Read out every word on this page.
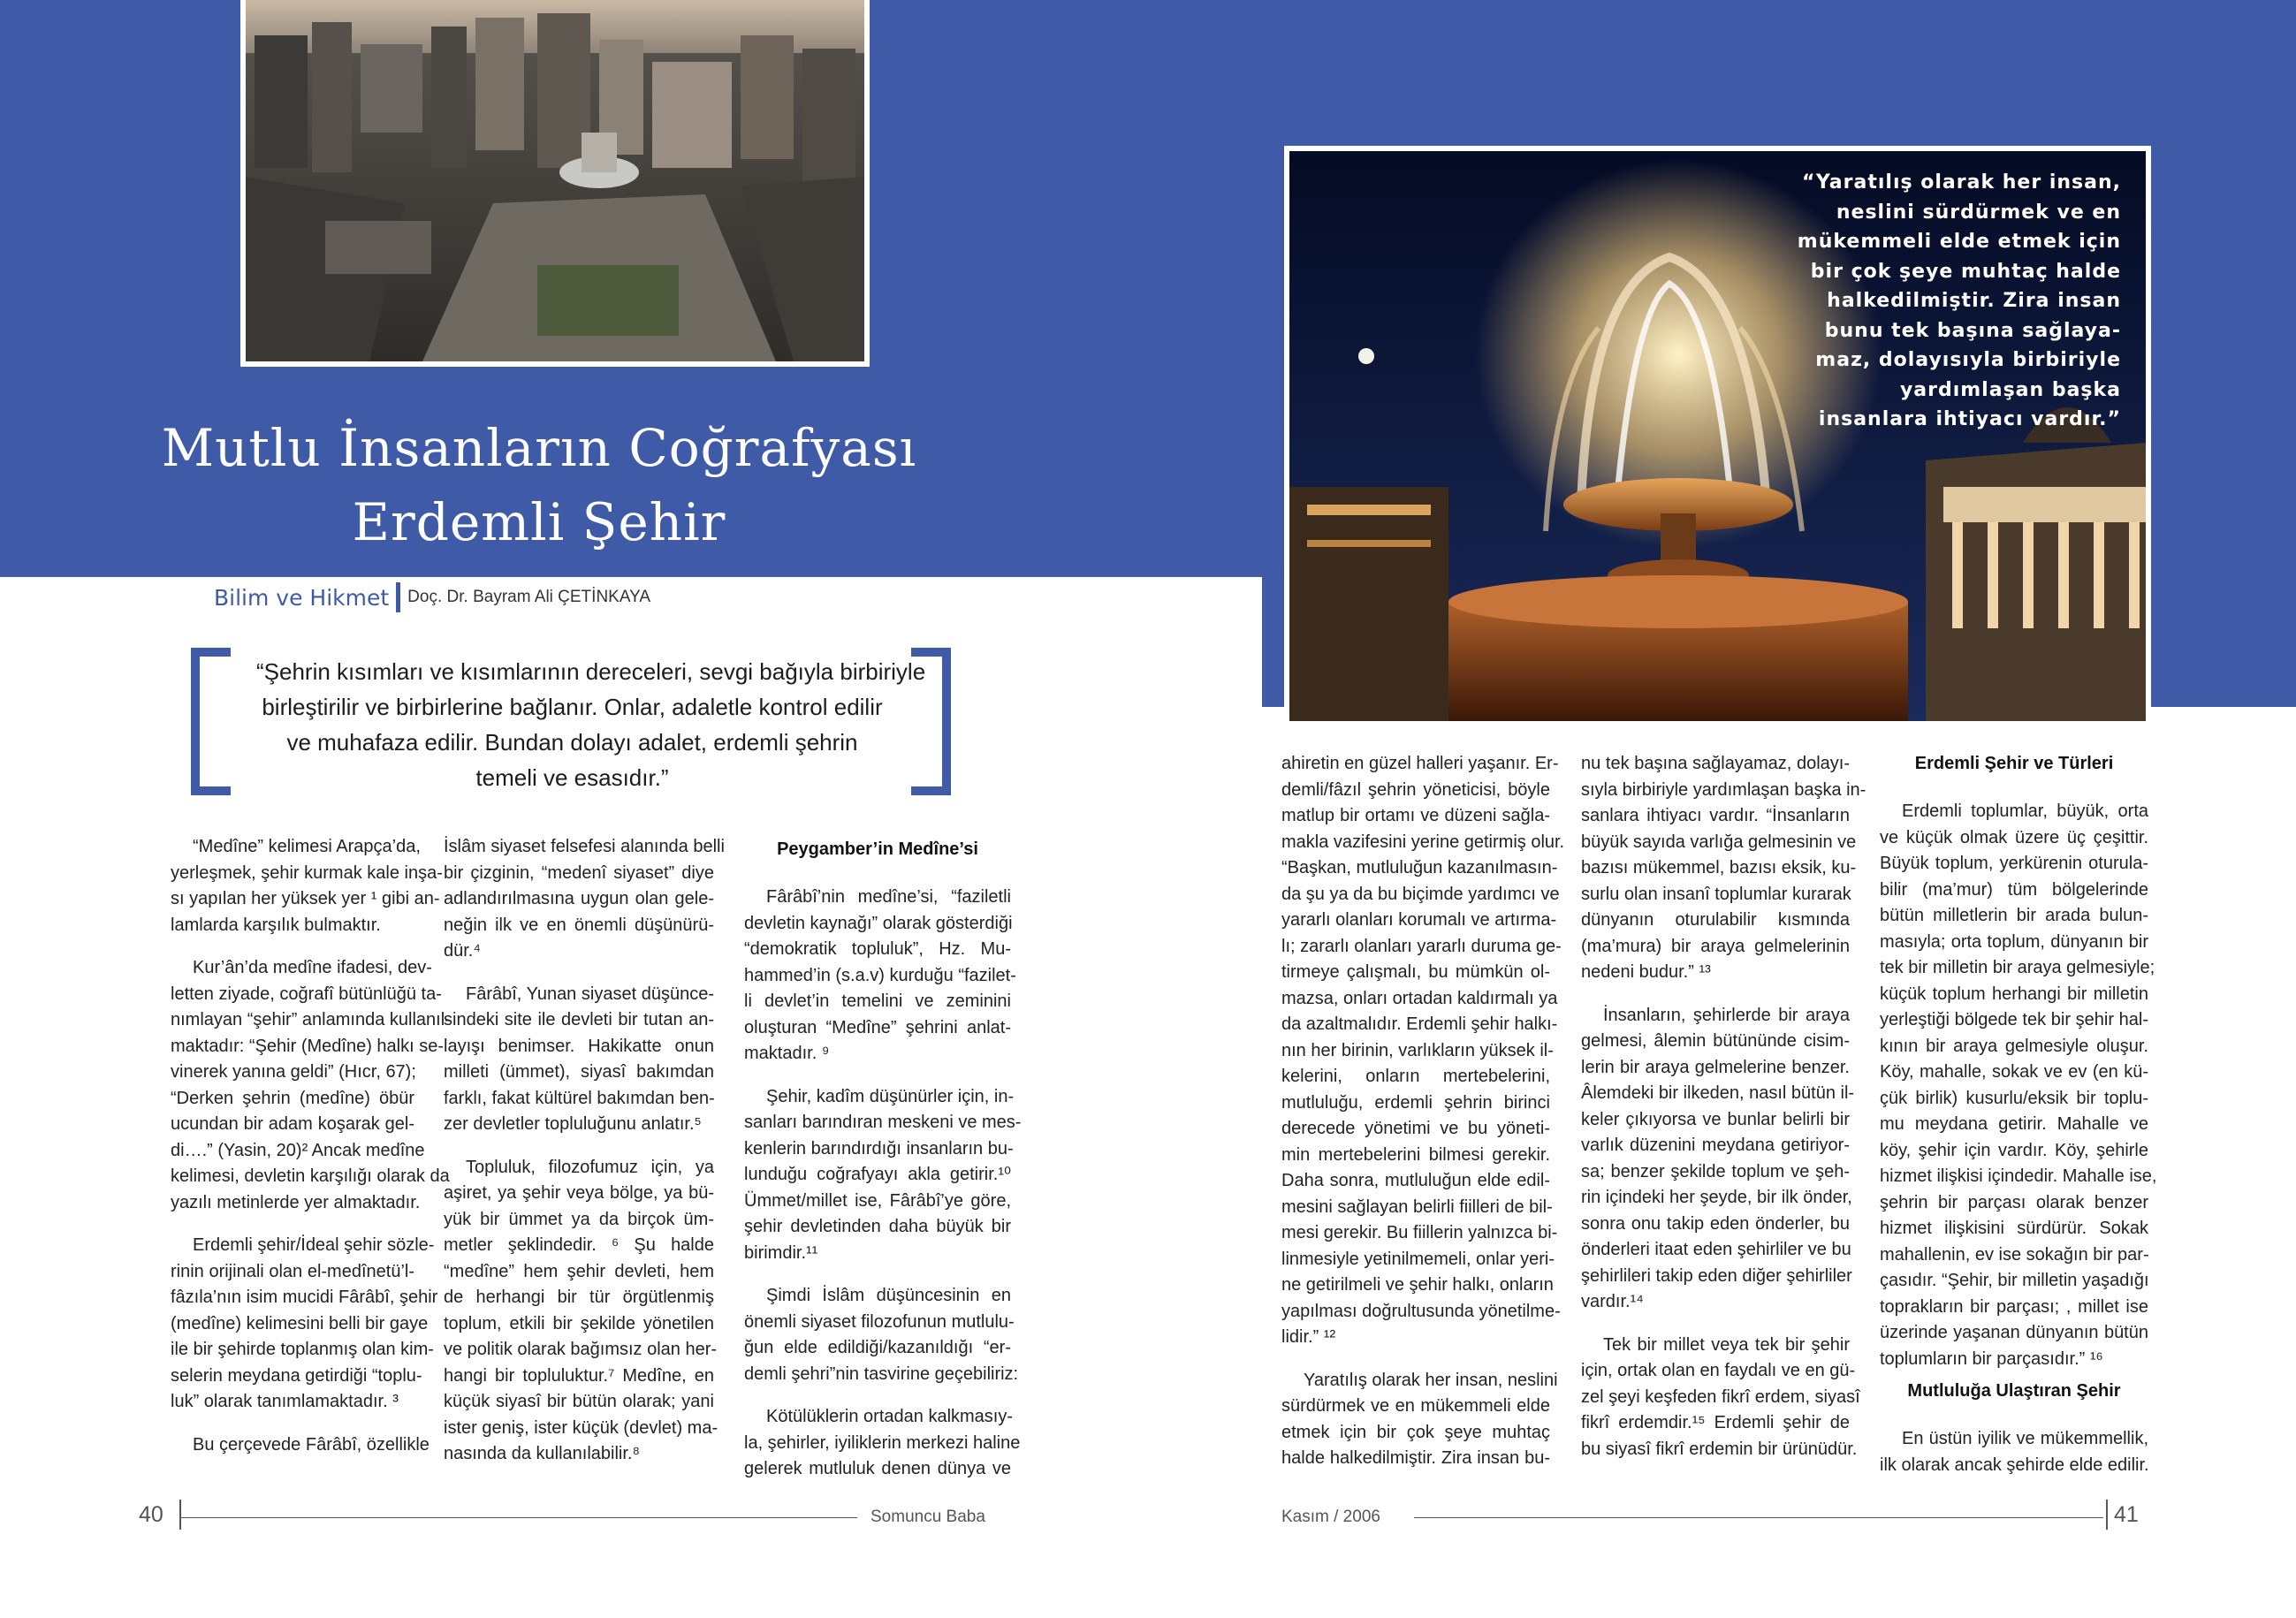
Mutlu İnsanların Coğrafyası
Erdemli Şehir
Bilim ve Hikmet Doç. Dr. Bayram Ali ÇETİNKAYA
“Şehrin kısımları ve kısımlarının dereceleri, sevgi bağıyla birbiriyle
birleştirilir ve birbirlerine bağlanır. Onlar, adaletle kontrol edilir
ve muhafaza edilir. Bundan dolayı adalet, erdemli şehrin
temeli ve esasıdır.”
“Yaratılış olarak her insan,
neslini sürdürmek ve en
mükemmeli elde etmek için
bir çok şeye muhtaç halde
halkedilmiştir. Zira insan
bunu tek başına sağlaya-
maz, dolayısıyla birbiriyle
yardımlaşan başka
insanlara ihtiyacı vardır.”
“Medîne” kelimesi Arapça’da,
yerleşmek, şehir kurmak kale inşa-
sı yapılan her yüksek yer ¹ gibi an-
lamlarda karşılık bulmaktır.
Kur’ân’da medîne ifadesi, dev-
letten ziyade, coğrafî bütünlüğü ta-
nımlayan “şehir” anlamında kullanıl-
maktadır: “Şehir (Medîne) halkı se-
vinerek yanına geldi” (Hıcr, 67);
“Derken şehrin (medîne) öbür
ucundan bir adam koşarak gel-
di….” (Yasin, 20)² Ancak medîne
kelimesi, devletin karşılığı olarak da
yazılı metinlerde yer almaktadır.
Erdemli şehir/İdeal şehir sözle-
rinin orijinali olan el-medînetü’l-
fâzıla’nın isim mucidi Fârâbî, şehir
(medîne) kelimesini belli bir gaye
ile bir şehirde toplanmış olan kim-
selerin meydana getirdiği “toplu-
luk” olarak tanımlamaktadır. ³
Bu çerçevede Fârâbî, özellikle
İslâm siyaset felsefesi alanında belli
bir çizginin, “medenî siyaset” diye
adlandırılmasına uygun olan gele-
neğin ilk ve en önemli düşünürü-
dür.⁴
Fârâbî, Yunan siyaset düşünce-
sindeki site ile devleti bir tutan an-
layışı benimser. Hakikatte onun
milleti (ümmet), siyasî bakımdan
farklı, fakat kültürel bakımdan ben-
zer devletler topluluğunu anlatır.⁵
Topluluk, filozofumuz için, ya
aşiret, ya şehir veya bölge, ya bü-
yük bir ümmet ya da birçok üm-
metler şeklindedir. ⁶ Şu halde
“medîne” hem şehir devleti, hem
de herhangi bir tür örgütlenmiş
toplum, etkili bir şekilde yönetilen
ve politik olarak bağımsız olan her-
hangi bir topluluktur.⁷ Medîne, en
küçük siyasî bir bütün olarak; yani
ister geniş, ister küçük (devlet) ma-
nasında da kullanılabilir.⁸
Peygamber’in Medîne’si
Fârâbî’nin medîne’si, “faziletli
devletin kaynağı” olarak gösterdiği
“demokratik topluluk”, Hz. Mu-
hammed’in (s.a.v) kurduğu “fazilet-
li devlet’in temelini ve zeminini
oluşturan “Medîne” şehrini anlat-
maktadır. ⁹
Şehir, kadîm düşünürler için, in-
sanları barındıran meskeni ve mes-
kenlerin barındırdığı insanların bu-
lunduğu coğrafyayı akla getirir.¹⁰
Ümmet/millet ise, Fârâbî’ye göre,
şehir devletinden daha büyük bir
birimdir.¹¹
Şimdi İslâm düşüncesinin en
önemli siyaset filozofunun mutlulu-
ğun elde edildiği/kazanıldığı “er-
demli şehri”nin tasvirine geçebiliriz:
Kötülüklerin ortadan kalkmasıy-
la, şehirler, iyiliklerin merkezi haline
gelerek mutluluk denen dünya ve
ahiretin en güzel halleri yaşanır. Er-
demli/fâzıl şehrin yöneticisi, böyle
matlup bir ortamı ve düzeni sağla-
makla vazifesini yerine getirmiş olur.
“Başkan, mutluluğun kazanılmasın-
da şu ya da bu biçimde yardımcı ve
yararlı olanları korumalı ve artırma-
lı; zararlı olanları yararlı duruma ge-
tirmeye çalışmalı, bu mümkün ol-
mazsa, onları ortadan kaldırmalı ya
da azaltmalıdır. Erdemli şehir halkı-
nın her birinin, varlıkların yüksek il-
kelerini, onların mertebelerini,
mutluluğu, erdemli şehrin birinci
derecede yönetimi ve bu yöneti-
min mertebelerini bilmesi gerekir.
Daha sonra, mutluluğun elde edil-
mesini sağlayan belirli fiilleri de bil-
mesi gerekir. Bu fiillerin yalnızca bi-
linmesiyle yetinilmemeli, onlar yeri-
ne getirilmeli ve şehir halkı, onların
yapılması doğrultusunda yönetilme-
lidir.” ¹²
Yaratılış olarak her insan, neslini
sürdürmek ve en mükemmeli elde
etmek için bir çok şeye muhtaç
halde halkedilmiştir. Zira insan bu-
nu tek başına sağlayamaz, dolayı-
sıyla birbiriyle yardımlaşan başka in-
sanlara ihtiyacı vardır. “İnsanların
büyük sayıda varlığa gelmesinin ve
bazısı mükemmel, bazısı eksik, ku-
surlu olan insanî toplumlar kurarak
dünyanın oturulabilir kısmında
(ma’mura) bir araya gelmelerinin
nedeni budur.” ¹³
İnsanların, şehirlerde bir araya
gelmesi, âlemin bütününde cisim-
lerin bir araya gelmelerine benzer.
Âlemdeki bir ilkeden, nasıl bütün il-
keler çıkıyorsa ve bunlar belirli bir
varlık düzenini meydana getiriyor-
sa; benzer şekilde toplum ve şeh-
rin içindeki her şeyde, bir ilk önder,
sonra onu takip eden önderler, bu
önderleri itaat eden şehirliler ve bu
şehirlileri takip eden diğer şehirliler
vardır.¹⁴
Tek bir millet veya tek bir şehir
için, ortak olan en faydalı ve en gü-
zel şeyi keşfeden fikrî erdem, siyasî
fikrî erdemdir.¹⁵ Erdemli şehir de
bu siyasî fikrî erdemin bir ürünüdür.
Erdemli Şehir ve Türleri
Erdemli toplumlar, büyük, orta
ve küçük olmak üzere üç çeşittir.
Büyük toplum, yerkürenin oturula-
bilir (ma’mur) tüm bölgelerinde
bütün milletlerin bir arada bulun-
masıyla; orta toplum, dünyanın bir
tek bir milletin bir araya gelmesiyle;
küçük toplum herhangi bir milletin
yerleştiği bölgede tek bir şehir hal-
kının bir araya gelmesiyle oluşur.
Köy, mahalle, sokak ve ev (en kü-
çük birlik) kusurlu/eksik bir toplu-
mu meydana getirir. Mahalle ve
köy, şehir için vardır. Köy, şehirle
hizmet ilişkisi içindedir. Mahalle ise,
şehrin bir parçası olarak benzer
hizmet ilişkisini sürdürür. Sokak
mahallenin, ev ise sokağın bir par-
çasıdır. “Şehir, bir milletin yaşadığı
toprakların bir parçası; , millet ise
üzerinde yaşanan dünyanın bütün
toplumların bir parçasıdır.” ¹⁶
Mutluluğa Ulaştıran Şehir
En üstün iyilik ve mükemmellik,
ilk olarak ancak şehirde elde edilir.
40	Somuncu Baba	Kasım / 2006	41
